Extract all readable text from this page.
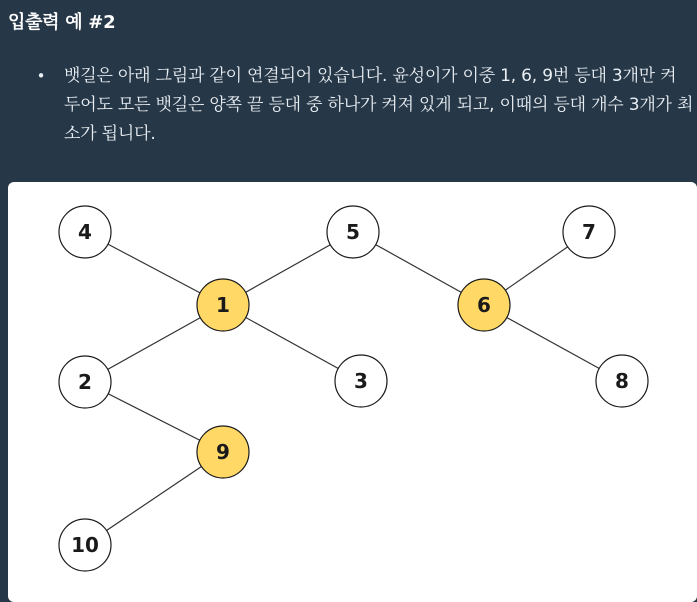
입출력 예 #2
• 뱃길은 아래 그림과 같이 연결되어 있습니다. 윤성이가 이중 1, 6, 9번 등대 3개만 켜 두어도 모든 뱃길은 양쪽 끝 등대 중 하나가 켜져 있게 되고, 이때의 등대 개수 3개가 최소가 됩니다.
4	5	7
1	6
2	3	8
9
10
